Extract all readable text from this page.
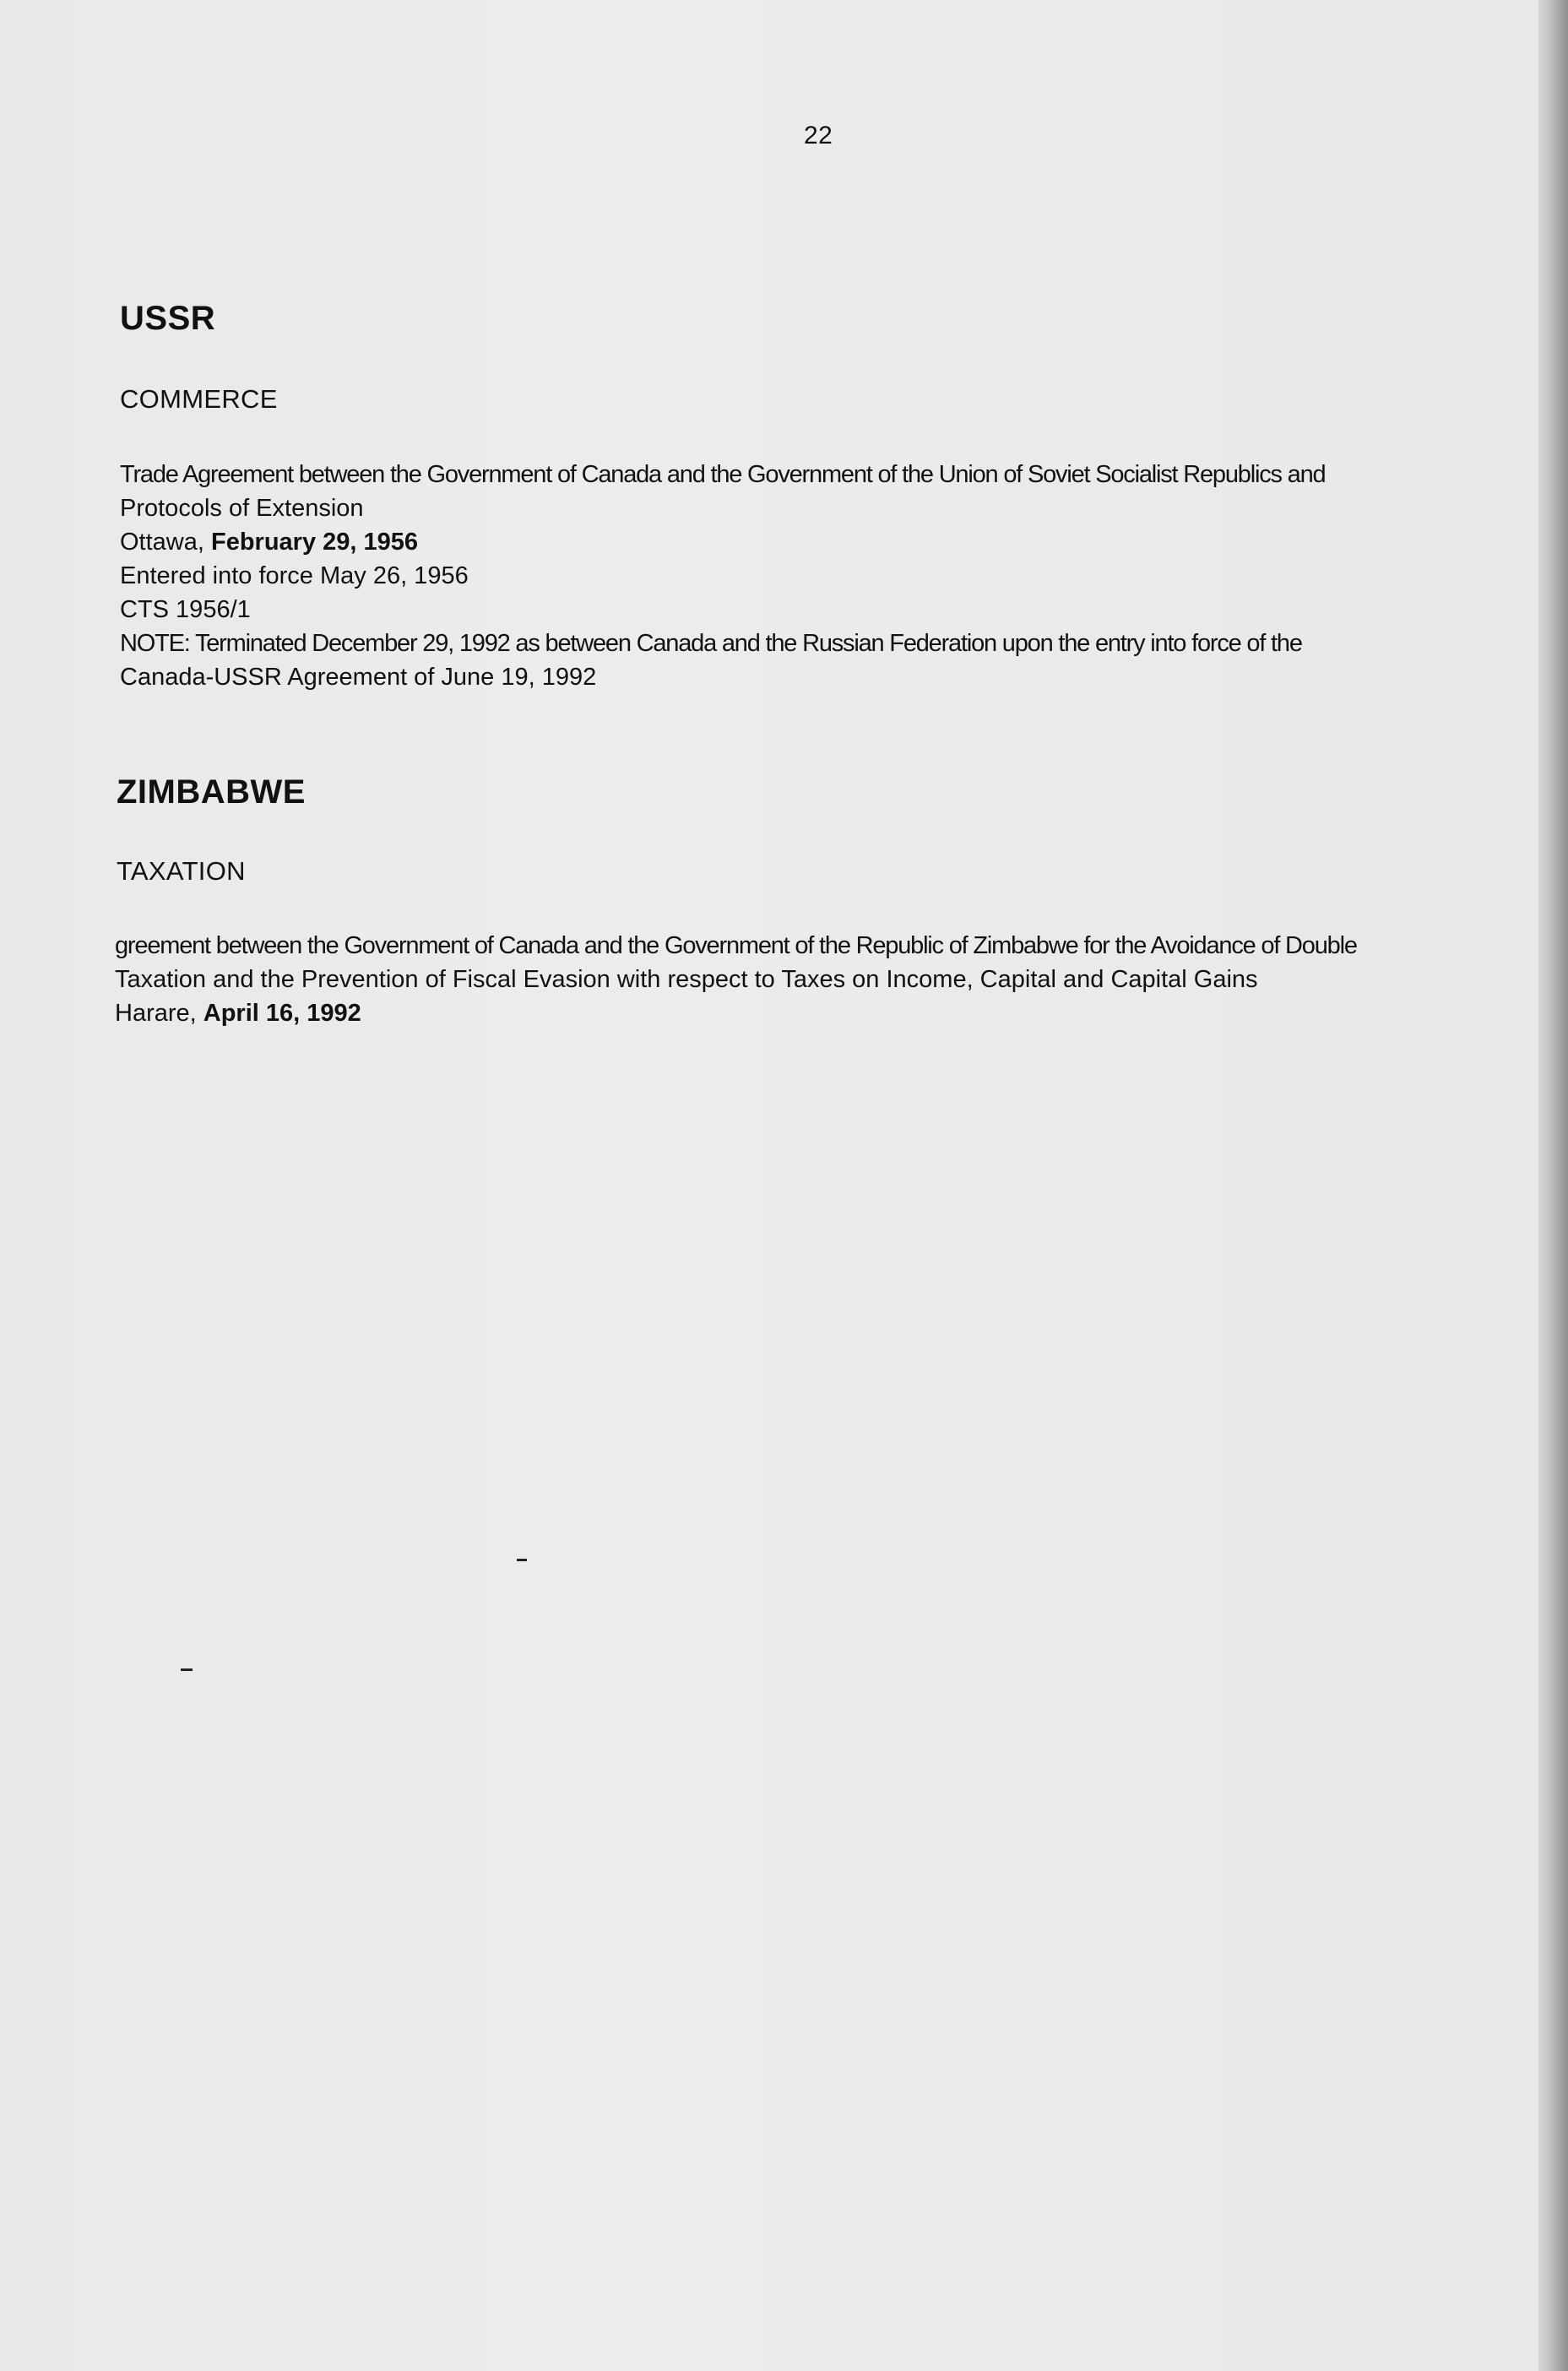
22
USSR
COMMERCE
Trade Agreement between the Government of Canada and the Government of the Union of Soviet Socialist Republics and
Protocols of Extension
Ottawa, February 29, 1956
Entered into force May 26, 1956
CTS 1956/1
NOTE: Terminated December 29, 1992 as between Canada and the Russian Federation upon the entry into force of the
Canada-USSR Agreement of June 19, 1992
ZIMBABWE
TAXATION
greement between the Government of Canada and the Government of the Republic of Zimbabwe for the Avoidance of Double
Taxation and the Prevention of Fiscal Evasion with respect to Taxes on Income, Capital and Capital Gains
Harare, April 16, 1992
